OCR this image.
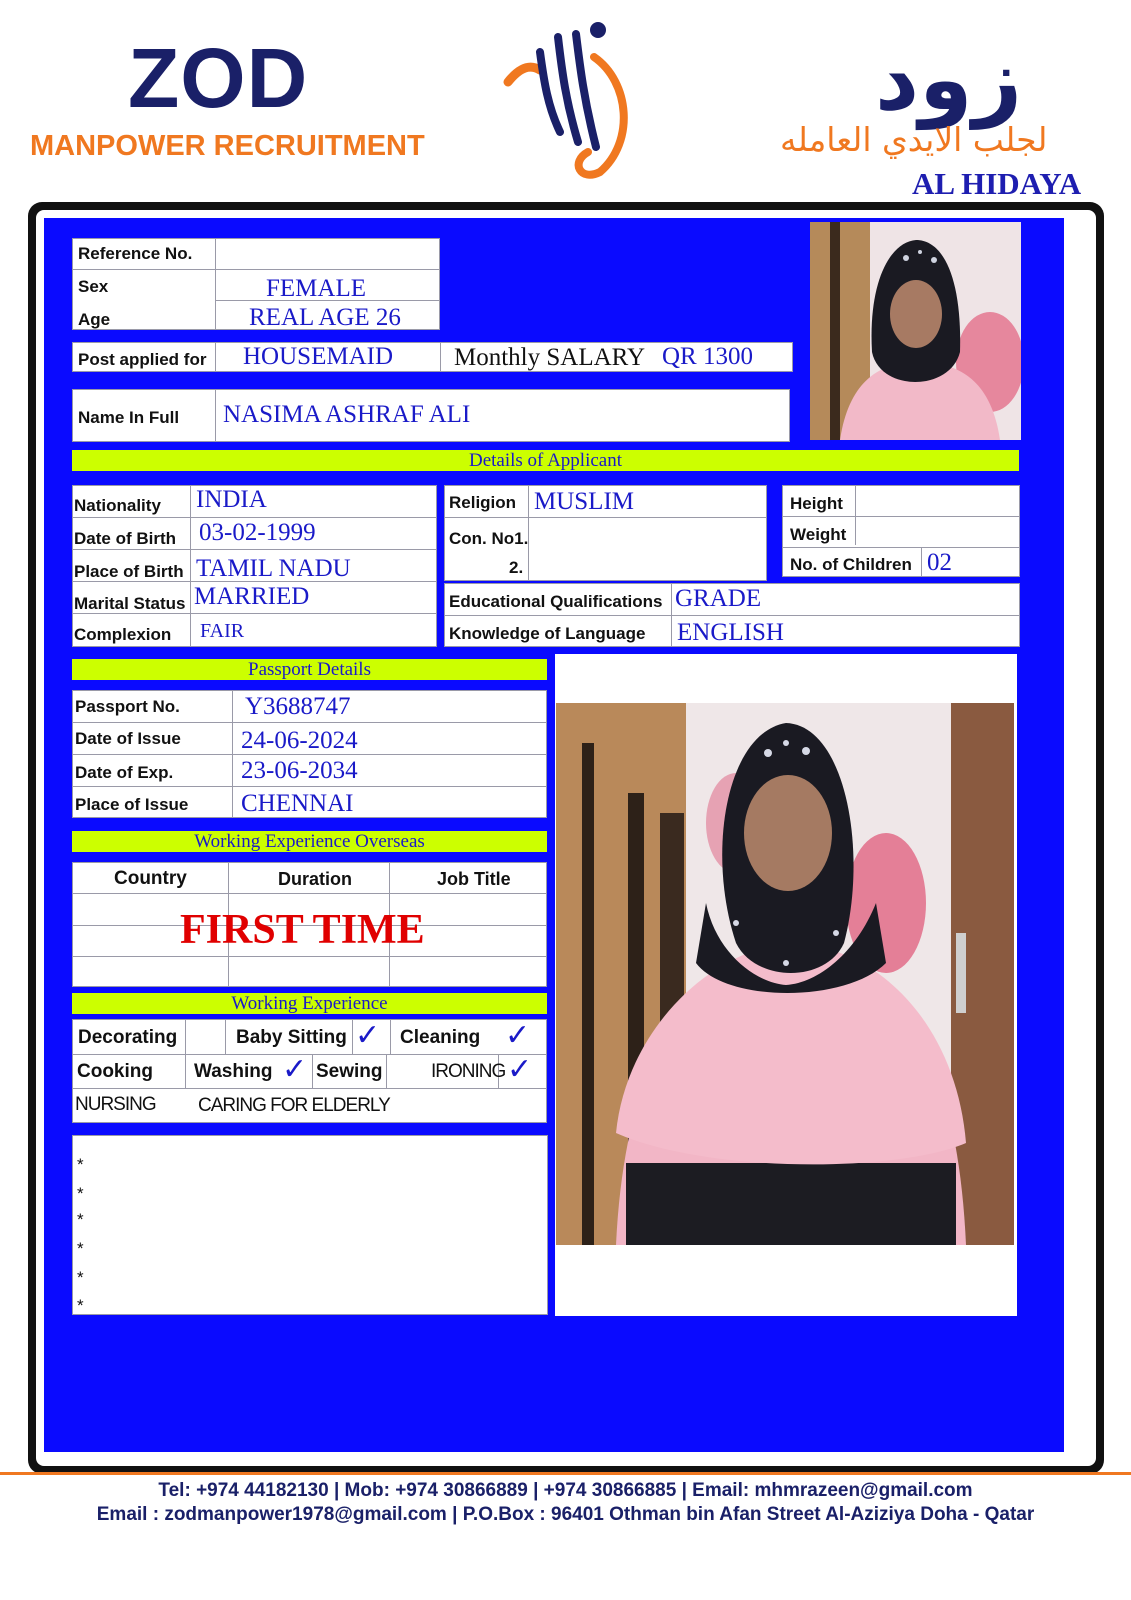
ZOD
MANPOWER RECRUITMENT
زود
لجلب الايدي العامله
AL HIDAYA
Reference No.
Sex	FEMALE
Age	REAL AGE 26
Post applied for HOUSEMAID Monthly SALARY QR 1300
Name In Full NASIMA ASHRAF ALI
Details of Applicant
Nationality INDIA
Date of Birth 03-02-1999
Place of Birth TAMIL NADU
Marital Status MARRIED
Complexion FAIR
Religion MUSLIM
Con. No1.
2.
Height
Weight
No. of Children 02
Educational Qualifications GRADE
Knowledge of Language ENGLISH
Passport Details
Passport No.	Y3688747
Date of Issue 24-06-2024
Date of Exp.	23-06-2034
Place of Issue CHENNAI
Working Experience Overseas
Country	Duration	Job Title
FIRST TIME
Working Experience
Decorating	Baby Sitting ✓ Cleaning ✓
Cooking Washing ✓ Sewing	IRONING ✓
NURSING CARING FOR ELDERLY
*
*
*
*
*
*
Tel: +974 44182130 | Mob: +974 30866889 | +974 30866885 | Email: mhmrazeen@gmail.com
Email : zodmanpower1978@gmail.com | P.O.Box : 96401 Othman bin Afan Street Al-Aziziya Doha - Qatar
